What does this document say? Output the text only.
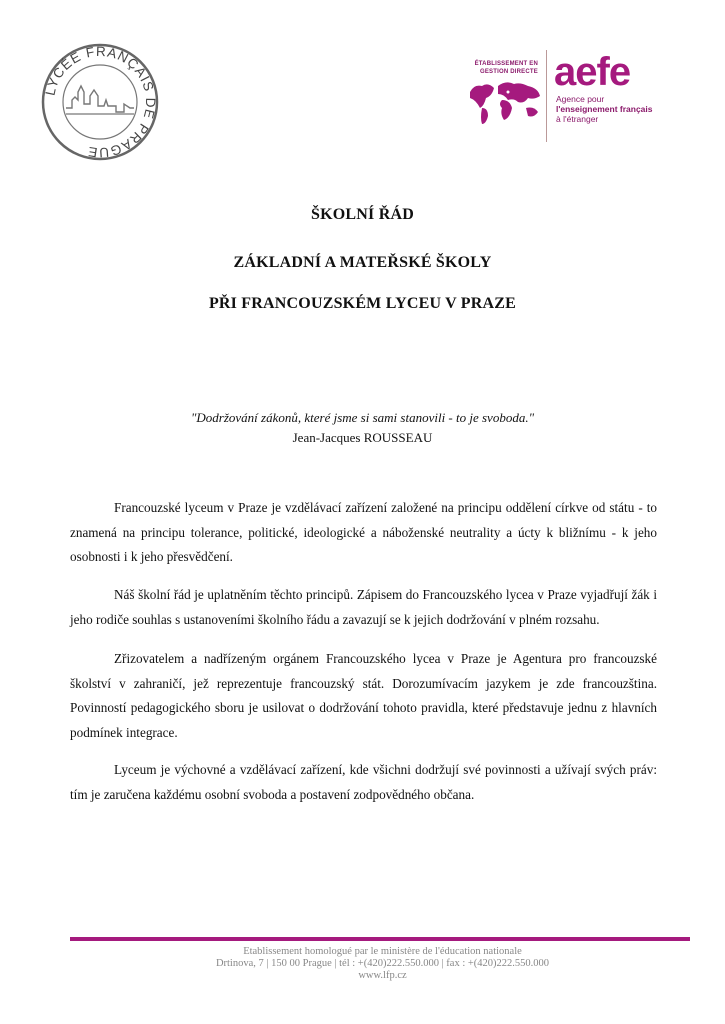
LYCÉE FRANÇAIS DE PRAGUE
ÉTABLISSEMENT EN GESTION DIRECTE aefe
Agence pour
l'enseignement français
à l'étranger
ŠKOLNÍ ŘÁD
ZÁKLADNÍ A MATEŘSKÉ ŠKOLY
PŘI FRANCOUZSKÉM LYCEU V PRAZE
"Dodržování zákonů, které jsme si sami stanovili - to je svoboda."
Jean-Jacques ROUSSEAU
Francouzské lyceum v Praze je vzdělávací zařízení založené na principu oddělení církve od státu - to znamená na principu tolerance, politické, ideologické a náboženské neutrality a úcty k bližnímu - k jeho osobnosti i k jeho přesvědčení.
Náš školní řád je uplatněním těchto principů. Zápisem do Francouzského lycea v Praze vyjadřují žák i jeho rodiče souhlas s ustanoveními školního řádu a zavazují se k jejich dodržování v plném rozsahu.
Zřizovatelem a nadřízeným orgánem Francouzského lycea v Praze je Agentura pro francouzské školství v zahraničí, jež reprezentuje francouzský stát. Dorozumívacím jazykem je zde francouzština. Povinností pedagogického sboru je usilovat o dodržování tohoto pravidla, které představuje jednu z hlavních podmínek integrace.
Lyceum je výchovné a vzdělávací zařízení, kde všichni dodržují své povinnosti a užívají svých práv: tím je zaručena každému osobní svoboda a postavení zodpovědného občana.
Etablissement homologué par le ministère de l'éducation nationale
Drtinova, 7 | 150 00 Prague | tél : +(420)222.550.000 | fax : +(420)222.550.000
www.lfp.cz
